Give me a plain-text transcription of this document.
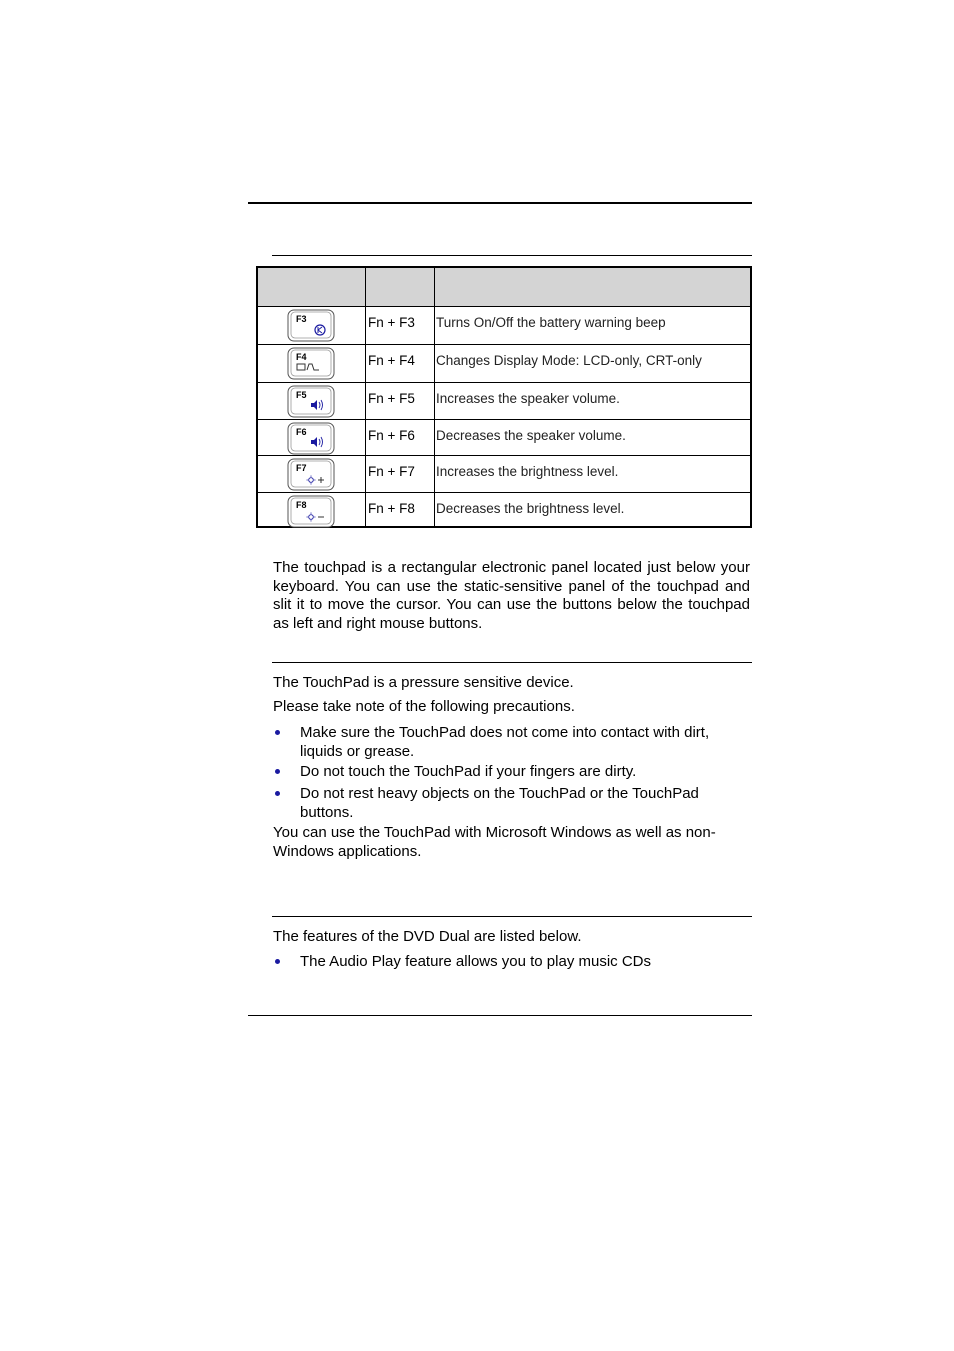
F3	Fn + F3 Turns On/Off the battery warning beep
F4	Fn + F4 Changes Display Mode: LCD-only, CRT-only
F5	Fn + F5 Increases the speaker volume.
F6	Fn + F6 Decreases the speaker volume.
F7	Fn + F7 Increases the brightness level.
F8	Fn + F8 Decreases the brightness level.
The touchpad is a rectangular electronic panel located just below your keyboard. You can use the static-sensitive panel of the touchpad and slit it to move the cursor. You can use the buttons below the touchpad as left and right mouse buttons.
The TouchPad is a pressure sensitive device.
Please take note of the following precautions.
Make sure the TouchPad does not come into contact with dirt, liquids or grease.
Do not touch the TouchPad if your fingers are dirty.
Do not rest heavy objects on the TouchPad or the TouchPad buttons.
You can use the TouchPad with Microsoft Windows as well as non-Windows applications.
The features of the DVD Dual are listed below.
The Audio Play feature allows you to play music CDs
